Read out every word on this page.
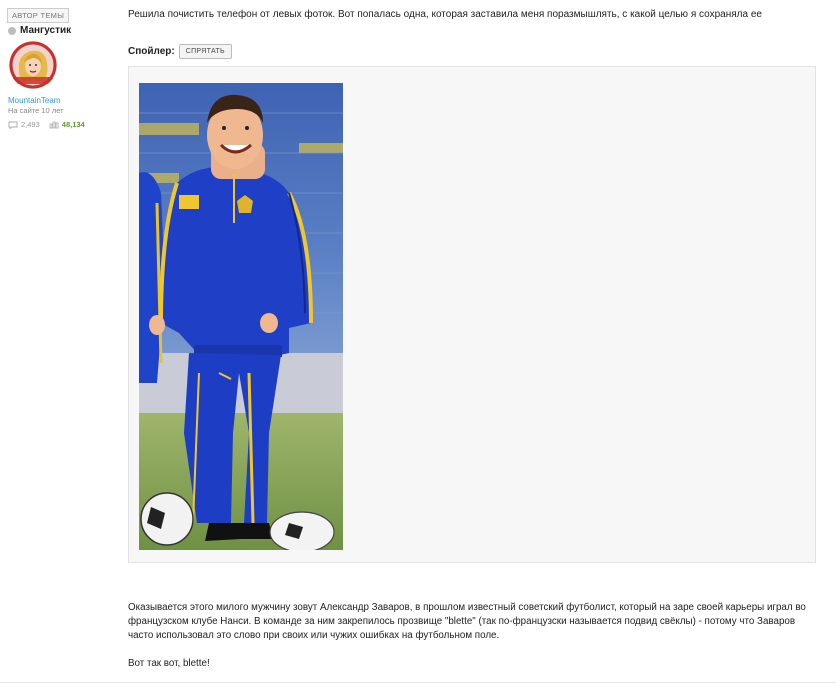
АВТОР ТЕМЫ
Мангустик
MountainTeam
На сайте 10 лет
2,493	48,134
Решила почистить телефон от левых фоток. Вот попалась одна, которая заставила меня поразмышлять, с какой целью я сохраняла ее
Спойлер:	СПРЯТАТЬ

Оказывается этого милого мужчину зовут Александр Заваров, в прошлом известный советский футболист, который на заре своей карьеры играл во французском клубе Нанси. В команде за ним закрепилось прозвище "blette" (так по-французски называется подвид свёклы) - потому что Заваров часто использовал это слово при своих или чужих ошибках на футбольном поле.

Вот так вот, blette!
